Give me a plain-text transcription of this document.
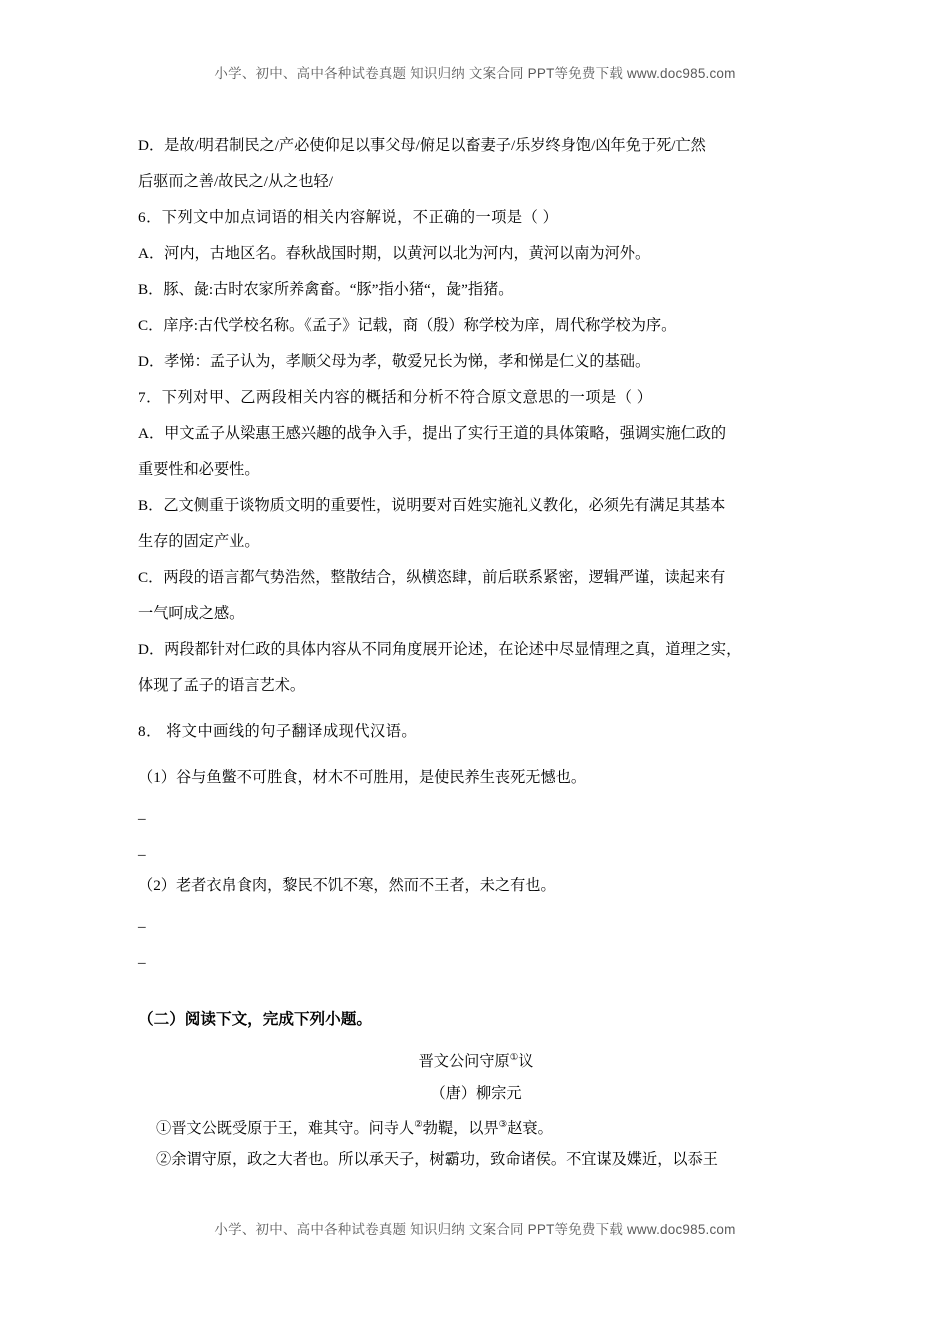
小学、初中、高中各种试卷真题 知识归纳 文案合同 PPT等免费下载 www.doc985.com

D．是故/明君制民之/产必使仰足以事父母/俯足以畜妻子/乐岁终身饱/凶年免于死/亡然

后驱而之善/故民之/从之也轻/

6．下列文中加点词语的相关内容解说，不正确的一项是（ ）

A．河内，古地区名。春秋战国时期，以黄河以北为河内，黄河以南为河外。

B．豚、彘:古时农家所养禽畜。“豚”指小猪“，彘”指猪。

C．庠序:古代学校名称。《孟子》记载，商（殷）称学校为庠，周代称学校为序。

D．孝悌：孟子认为，孝顺父母为孝，敬爱兄长为悌，孝和悌是仁义的基础。

7．下列对甲、乙两段相关内容的概括和分析不符合原文意思的一项是（ ）

A．甲文孟子从梁惠王感兴趣的战争入手，提出了实行王道的具体策略，强调实施仁政的

重要性和必要性。

B．乙文侧重于谈物质文明的重要性，说明要对百姓实施礼义教化，必须先有满足其基本

生存的固定产业。

C．两段的语言都气势浩然，整散结合，纵横恣肆，前后联系紧密，逻辑严谨，读起来有

一气呵成之感。

D．两段都针对仁政的具体内容从不同角度展开论述，在论述中尽显情理之真，道理之实，

体现了孟子的语言艺术。

8． 将文中画线的句子翻译成现代汉语。

（1）谷与鱼鳖不可胜食，材木不可胜用，是使民养生丧死无憾也。

_

_

（2）老者衣帛食肉，黎民不饥不寒，然而不王者，未之有也。

_

_

（二）阅读下文，完成下列小题。

晋文公问守原①议

（唐）柳宗元

①晋文公既受原于王，难其守。问寺人②勃鞮，以畀③赵衰。

②余谓守原，政之大者也。所以承天子，树霸功，致命诸侯。不宜谋及媟近，以忝王

小学、初中、高中各种试卷真题 知识归纳 文案合同 PPT等免费下载 www.doc985.com
